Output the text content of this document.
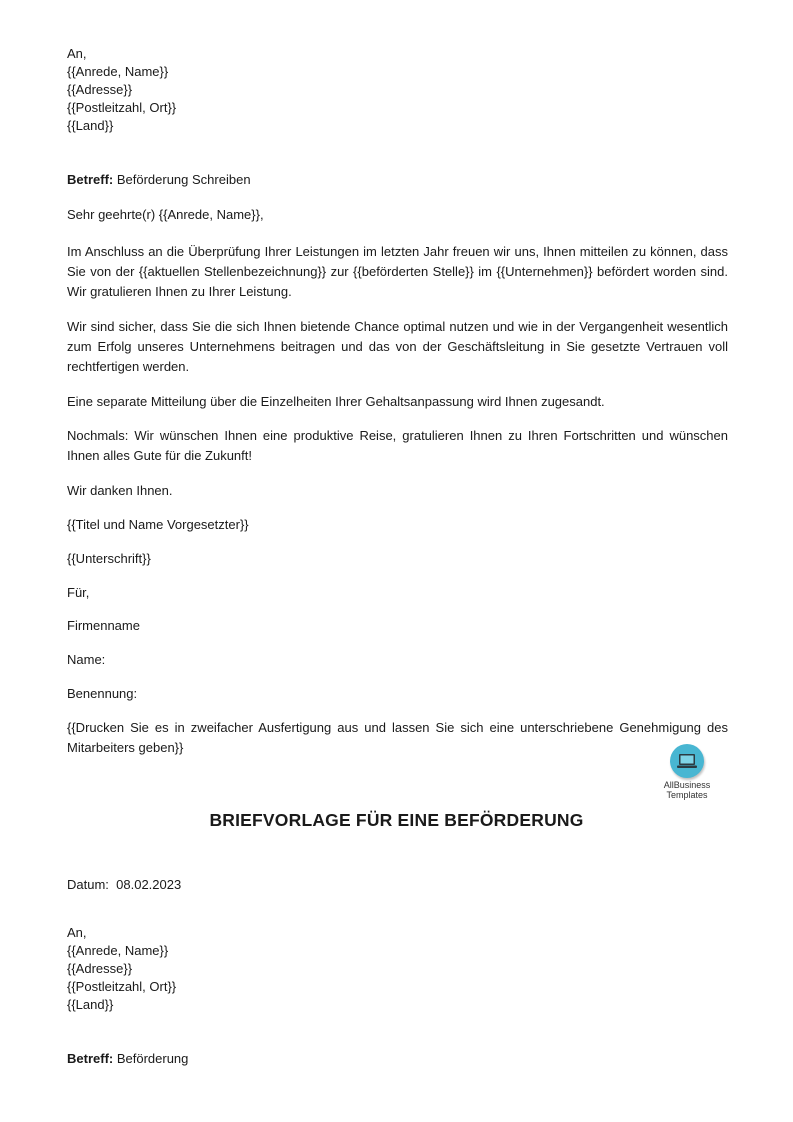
An,
{{Anrede, Name}}
{{Adresse}}
{{Postleitzahl, Ort}}
{{Land}}
Betreff: Beförderung Schreiben
Sehr geehrte(r) {{Anrede, Name}},
Im Anschluss an die Überprüfung Ihrer Leistungen im letzten Jahr freuen wir uns, Ihnen mitteilen zu können, dass Sie von der {{aktuellen Stellenbezeichnung}} zur {{beförderten Stelle}} im {{Unternehmen}} befördert worden sind. Wir gratulieren Ihnen zu Ihrer Leistung.
Wir sind sicher, dass Sie die sich Ihnen bietende Chance optimal nutzen und wie in der Vergangenheit wesentlich zum Erfolg unseres Unternehmens beitragen und das von der Geschäftsleitung in Sie gesetzte Vertrauen voll rechtfertigen werden.
Eine separate Mitteilung über die Einzelheiten Ihrer Gehaltsanpassung wird Ihnen zugesandt.
Nochmals: Wir wünschen Ihnen eine produktive Reise, gratulieren Ihnen zu Ihren Fortschritten und wünschen Ihnen alles Gute für die Zukunft!
Wir danken Ihnen.
{{Titel und Name Vorgesetzter}}
{{Unterschrift}}
Für,
Firmenname
Name:
Benennung:
{{Drucken Sie es in zweifacher Ausfertigung aus und lassen Sie sich eine unterschriebene Genehmigung des Mitarbeiters geben}}
AllBusiness
Templates
BRIEFVORLAGE FÜR EINE BEFÖRDERUNG
Datum: 08.02.2023
An,
{{Anrede, Name}}
{{Adresse}}
{{Postleitzahl, Ort}}
{{Land}}
Betreff: Beförderung
